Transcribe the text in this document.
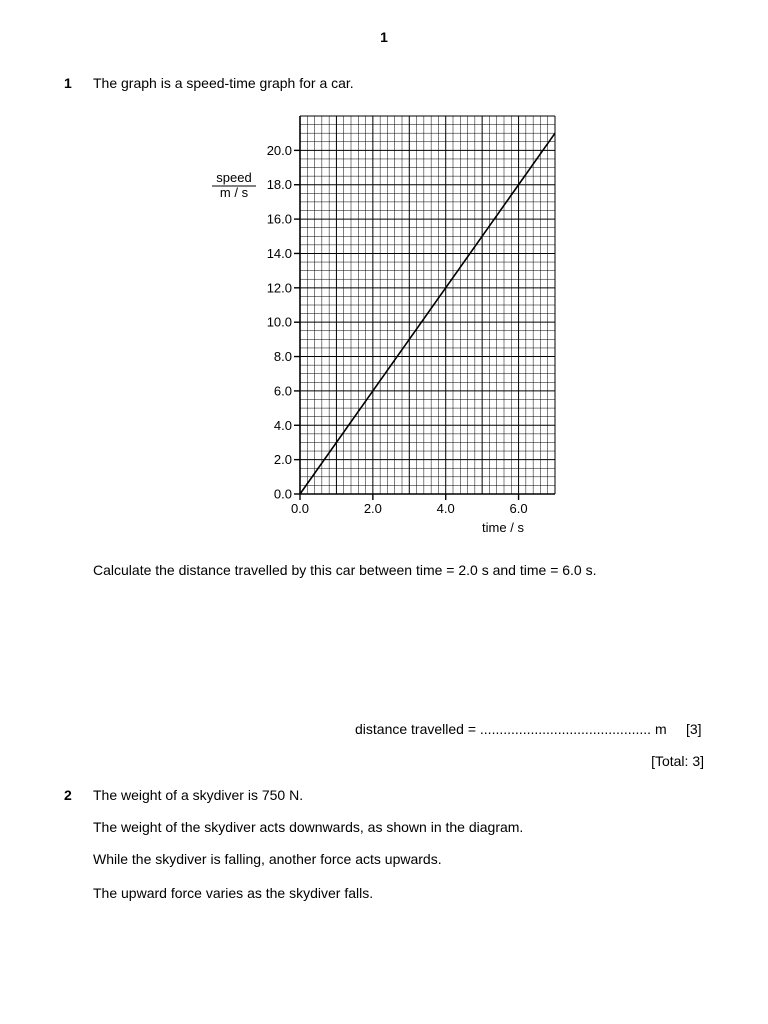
1
1 The graph is a speed-time graph for a car.
0.0
2.0
4.0
6.0
8.0
10.0
12.0
14.0
16.0
18.0
20.0
0.0	2.0	4.0	6.0
speed
m / s
time / s
Calculate the distance travelled by this car between time = 2.0 s and time = 6.0 s.
distance travelled = ............................................ m [3]
[Total: 3]
2 The weight of a skydiver is 750 N.
The weight of the skydiver acts downwards, as shown in the diagram.
While the skydiver is falling, another force acts upwards.
The upward force varies as the skydiver falls.
